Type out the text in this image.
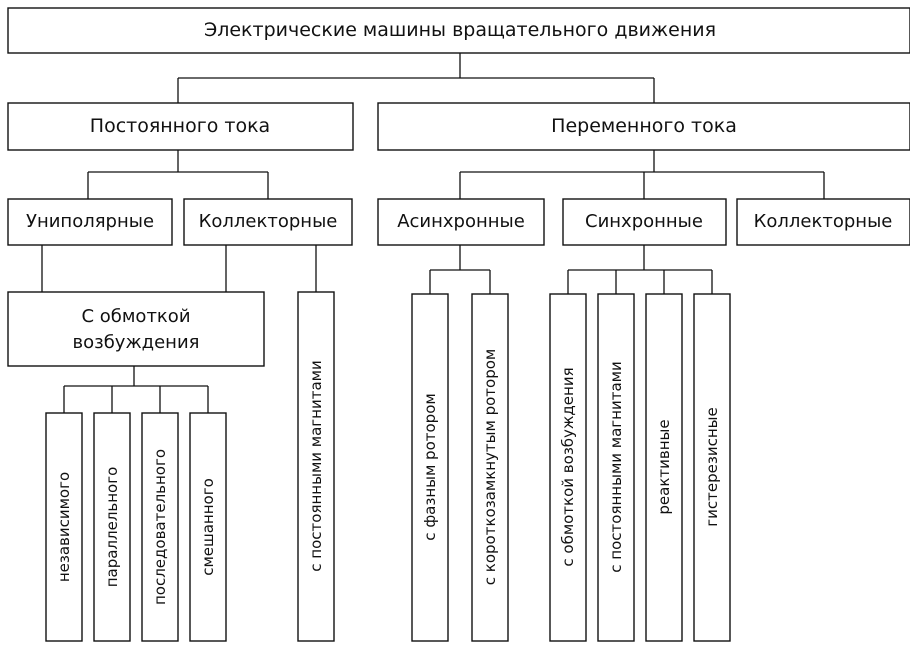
Электрические машины вращательного движения
Постоянного тока	Переменного тока
Униполярные Коллекторные	Асинхронные	Синхронные	Коллекторные
С обмоткой
возбуждения
независимого параллельного последовательного смешанного	с постоянными магнитами	с фазным ротором	с короткозамкнутым ротором	с обмоткой возбуждения с постоянными магнитами реактивные гистерезисные
